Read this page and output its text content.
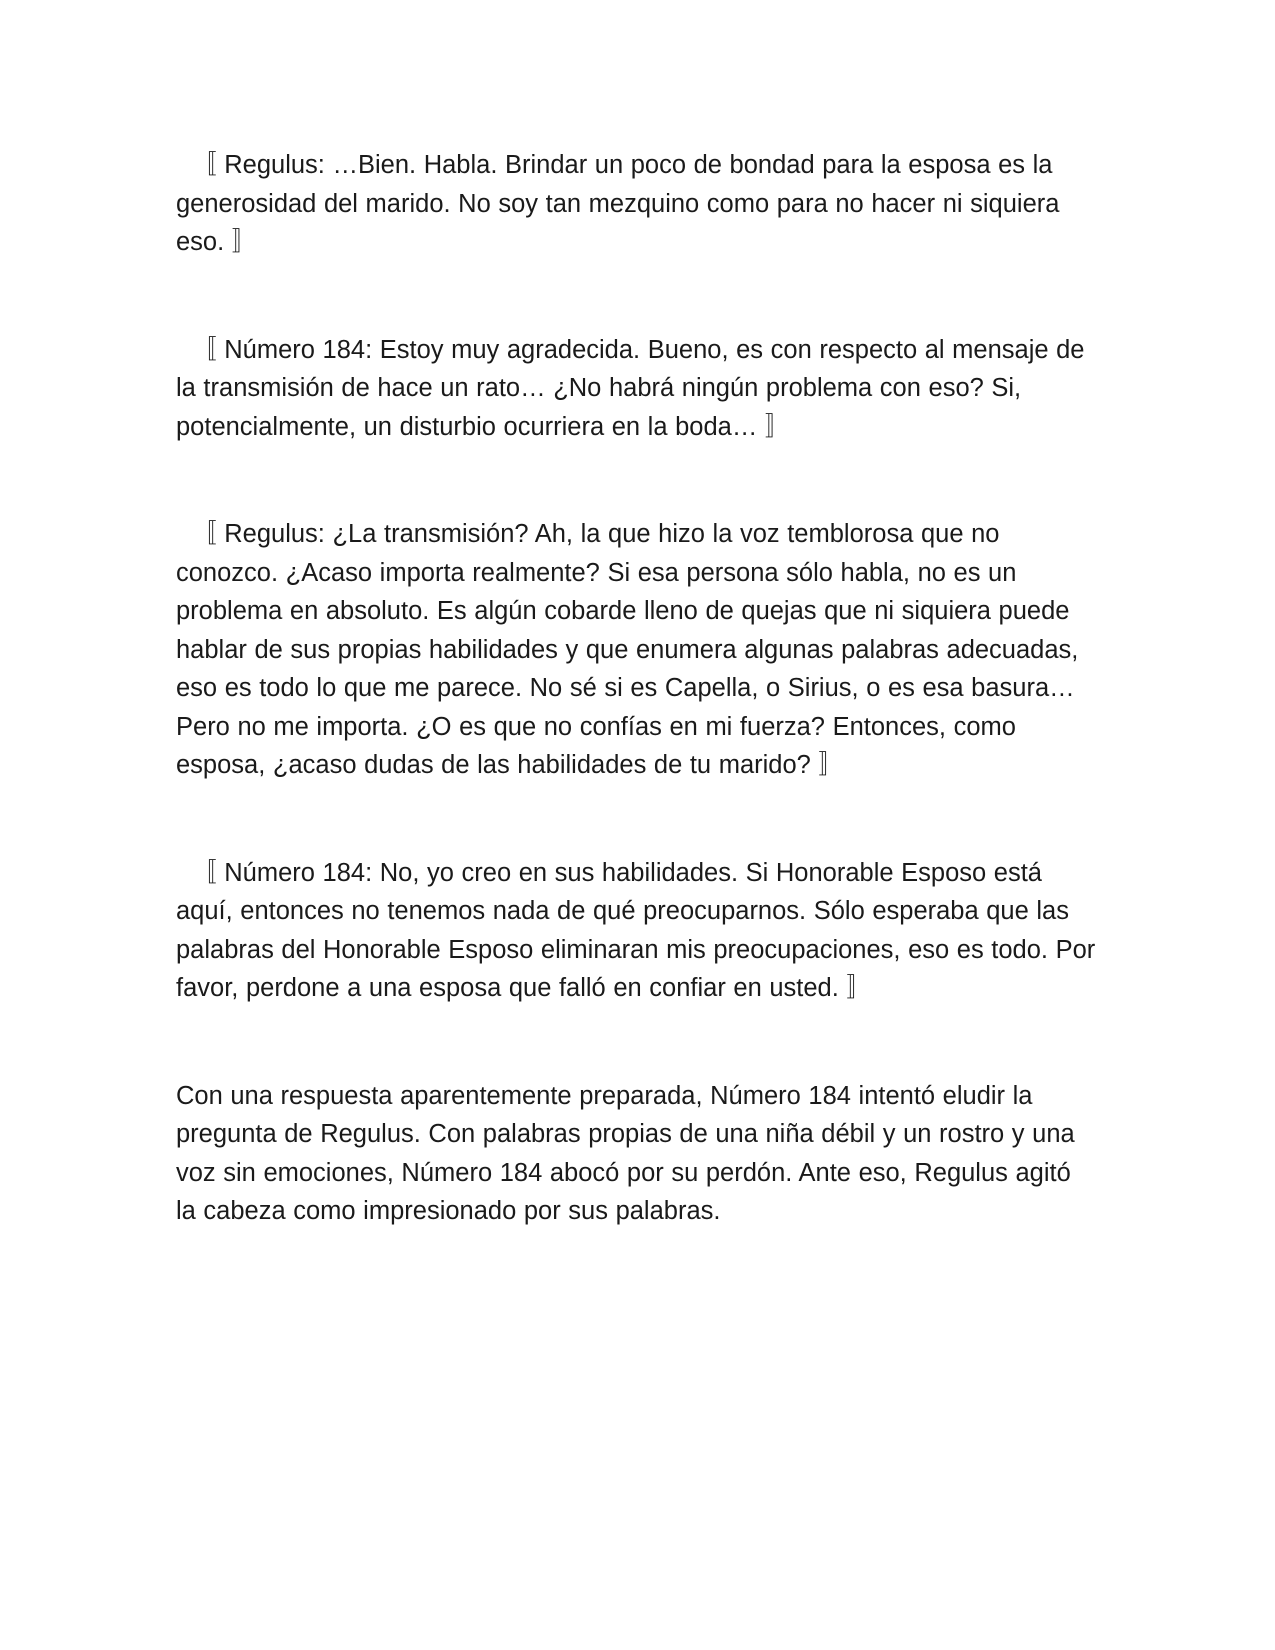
〚 Regulus: …Bien. Habla. Brindar un poco de bondad para la esposa es la generosidad del marido. No soy tan mezquino como para no hacer ni siquiera eso. 〛

〚 Número 184: Estoy muy agradecida. Bueno, es con respecto al mensaje de la transmisión de hace un rato… ¿No habrá ningún problema con eso? Si, potencialmente, un disturbio ocurriera en la boda… 〛

〚 Regulus: ¿La transmisión? Ah, la que hizo la voz temblorosa que no conozco. ¿Acaso importa realmente? Si esa persona sólo habla, no es un problema en absoluto. Es algún cobarde lleno de quejas que ni siquiera puede hablar de sus propias habilidades y que enumera algunas palabras adecuadas, eso es todo lo que me parece. No sé si es Capella, o Sirius, o es esa basura… Pero no me importa. ¿O es que no confías en mi fuerza? Entonces, como esposa, ¿acaso dudas de las habilidades de tu marido? 〛

〚 Número 184: No, yo creo en sus habilidades. Si Honorable Esposo está aquí, entonces no tenemos nada de qué preocuparnos. Sólo esperaba que las palabras del Honorable Esposo eliminaran mis preocupaciones, eso es todo. Por favor, perdone a una esposa que falló en confiar en usted. 〛

Con una respuesta aparentemente preparada, Número 184 intentó eludir la pregunta de Regulus. Con palabras propias de una niña débil y un rostro y una voz sin emociones, Número 184 abocó por su perdón. Ante eso, Regulus agitó la cabeza como impresionado por sus palabras.
